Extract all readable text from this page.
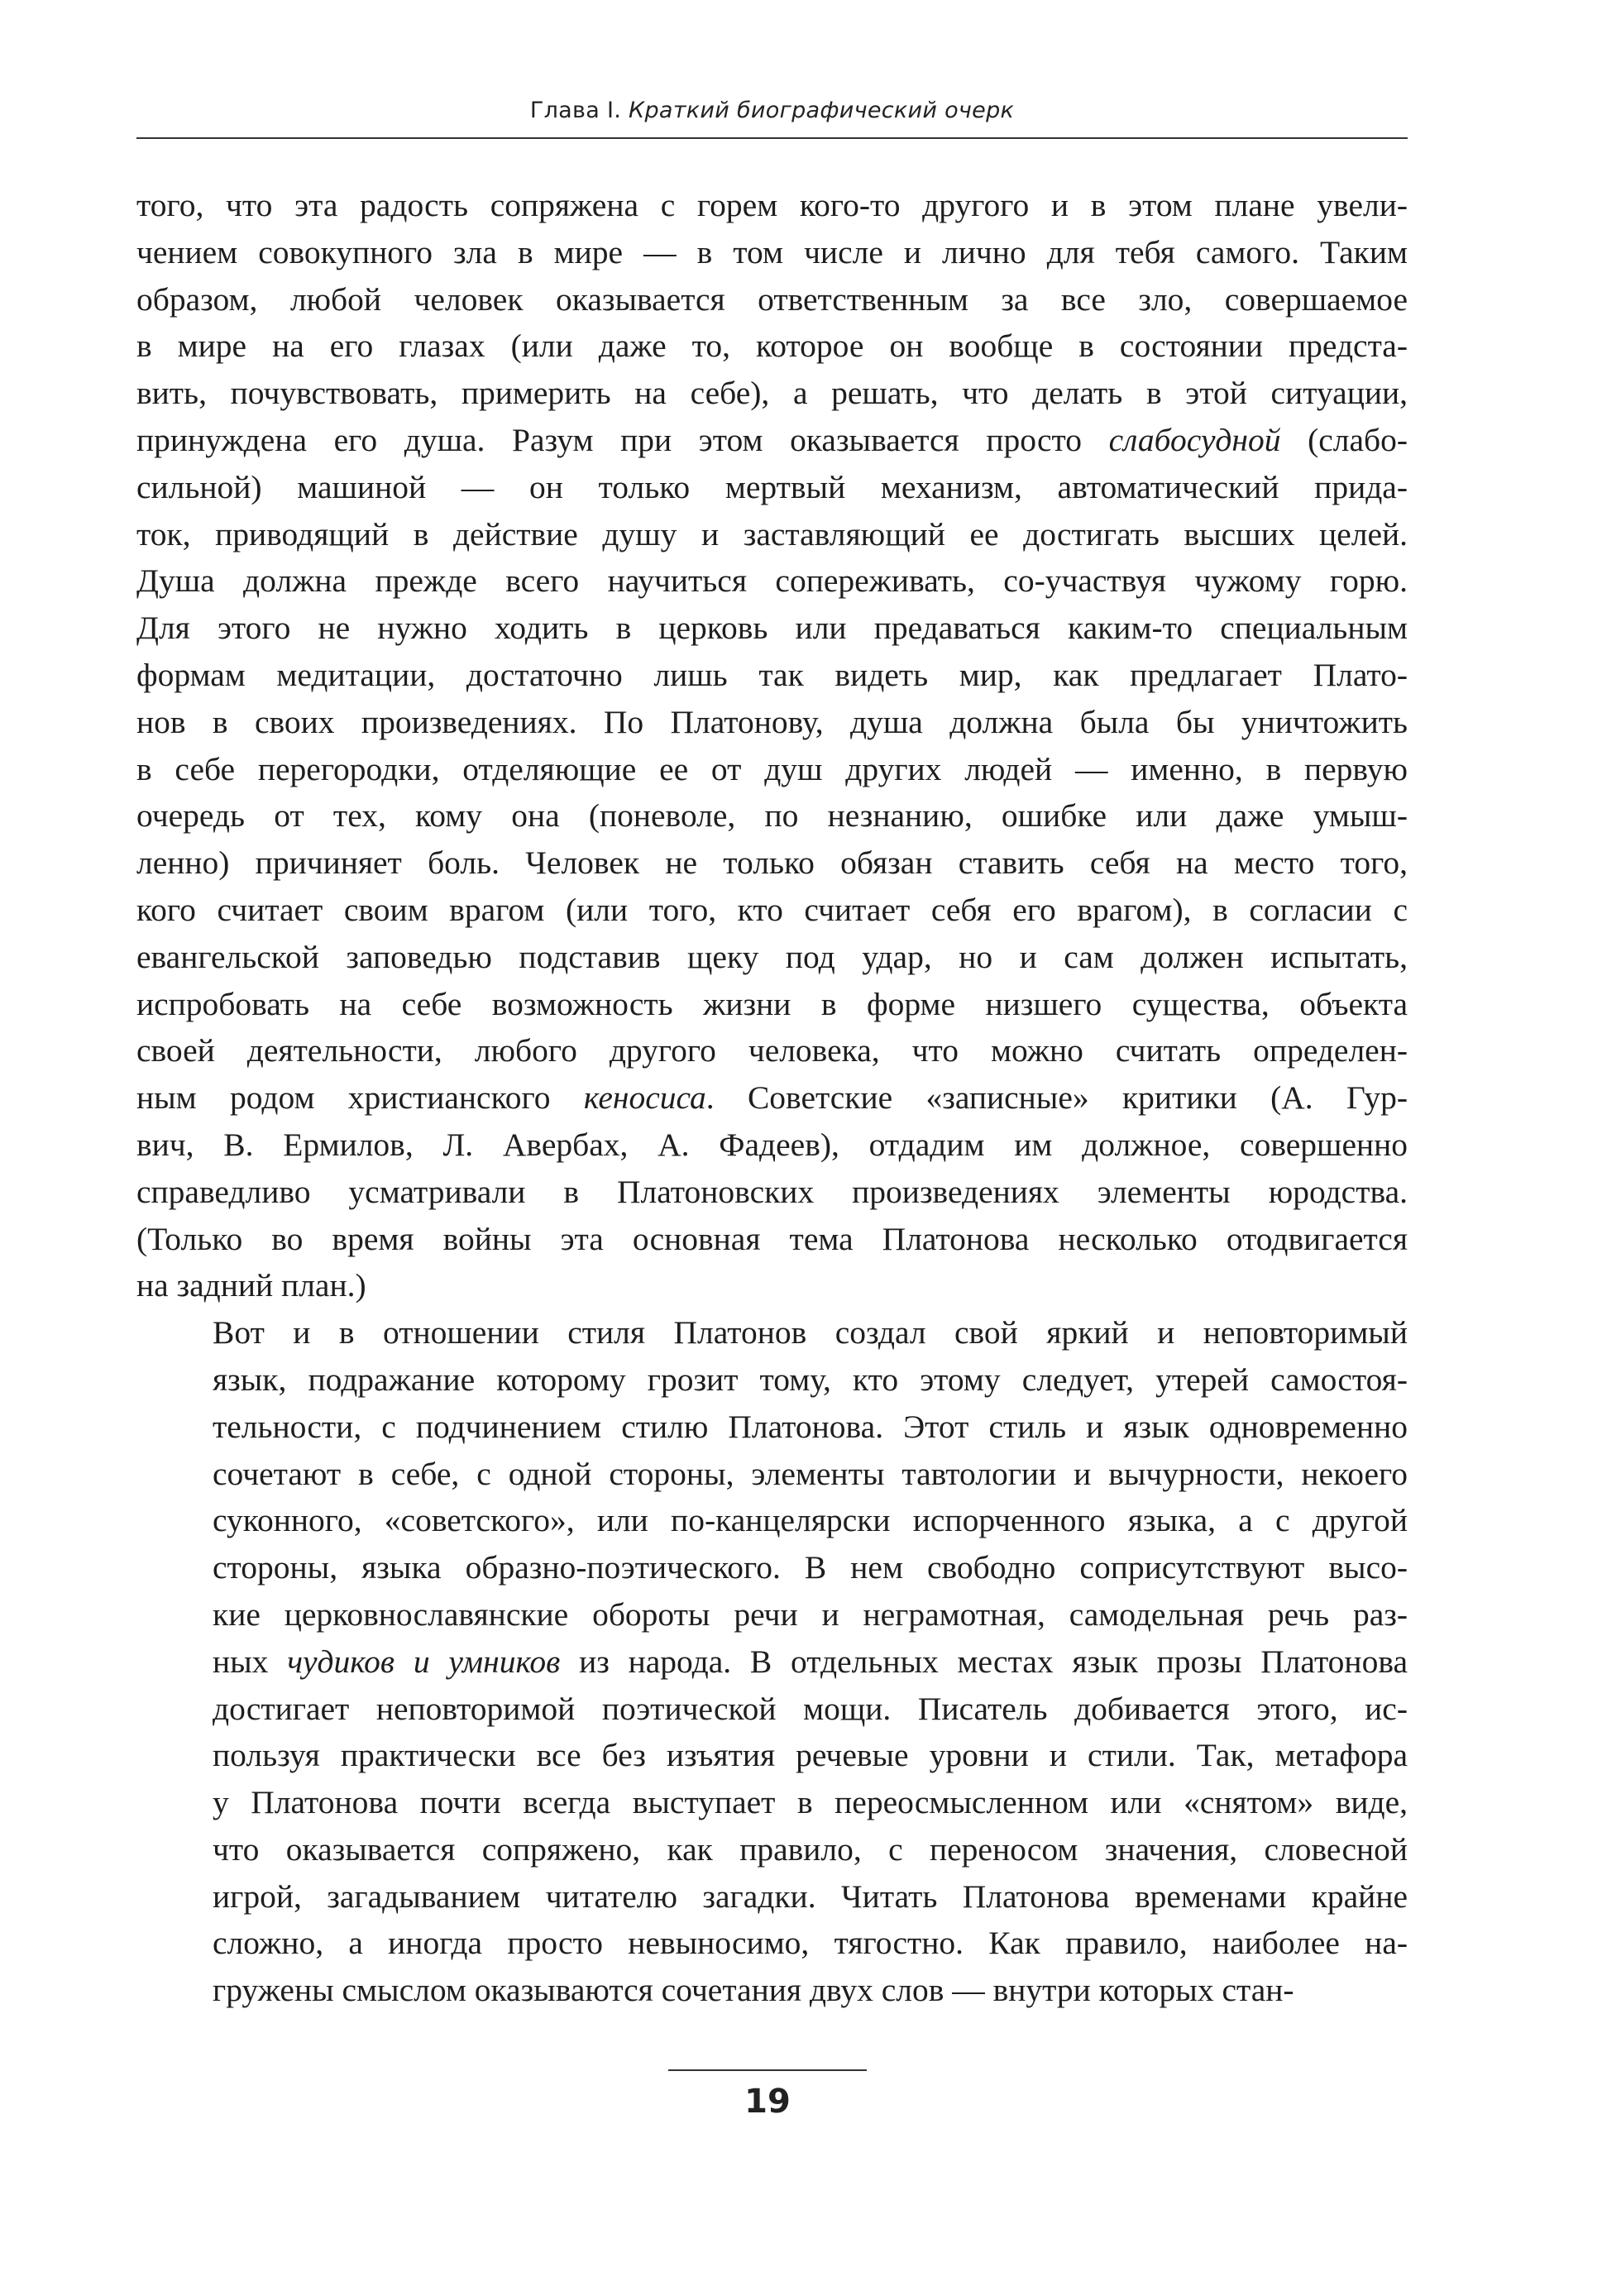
Глава I. Краткий биографический очерк
того, что эта радость сопряжена с горем кого-то другого и в этом плане увели-
чением совокупного зла в мире — в том числе и лично для тебя самого. Таким
образом, любой человек оказывается ответственным за все зло, совершаемое
в мире на его глазах (или даже то, которое он вообще в состоянии предста-
вить, почувствовать, примерить на себе), а решать, что делать в этой ситуации,
принуждена его душа. Разум при этом оказывается просто слабосудной (слабо-
сильной) машиной — он только мертвый механизм, автоматический прида-
ток, приводящий в действие душу и заставляющий ее достигать высших целей.
Душа должна прежде всего научиться сопереживать, со-участвуя чужому горю.
Для этого не нужно ходить в церковь или предаваться каким-то специальным
формам медитации, достаточно лишь так видеть мир, как предлагает Плато-
нов в своих произведениях. По Платонову, душа должна была бы уничтожить
в себе перегородки, отделяющие ее от душ других людей — именно, в первую
очередь от тех, кому она (поневоле, по незнанию, ошибке или даже умыш-
ленно) причиняет боль. Человек не только обязан ставить себя на место того,
кого считает своим врагом (или того, кто считает себя его врагом), в согласии с
евангельской заповедью подставив щеку под удар, но и сам должен испытать,
испробовать на себе возможность жизни в форме низшего существа, объекта
своей деятельности, любого другого человека, что можно считать определен-
ным родом христианского кеносиса. Советские «записные» критики (А. Гур-
вич, В. Ермилов, Л. Авербах, А. Фадеев), отдадим им должное, совершенно
справедливо усматривали в Платоновских произведениях элементы юродства.
(Только во время войны эта основная тема Платонова несколько отодвигается
на задний план.)
Вот и в отношении стиля Платонов создал свой яркий и неповторимый
язык, подражание которому грозит тому, кто этому следует, утерей самостоя-
тельности, с подчинением стилю Платонова. Этот стиль и язык одновременно
сочетают в себе, с одной стороны, элементы тавтологии и вычурности, некоего
суконного, «советского», или по-канцелярски испорченного языка, а с другой
стороны, языка образно-поэтического. В нем свободно соприсутствуют высо-
кие церковнославянские обороты речи и неграмотная, самодельная речь раз-
ных чудиков и умников из народа. В отдельных местах язык прозы Платонова
достигает неповторимой поэтической мощи. Писатель добивается этого, ис-
пользуя практически все без изъятия речевые уровни и стили. Так, метафора
у Платонова почти всегда выступает в переосмысленном или «снятом» виде,
что оказывается сопряжено, как правило, с переносом значения, словесной
игрой, загадыванием читателю загадки. Читать Платонова временами крайне
сложно, а иногда просто невыносимо, тягостно. Как правило, наиболее на-
гружены смыслом оказываются сочетания двух слов — внутри которых стан-
19
